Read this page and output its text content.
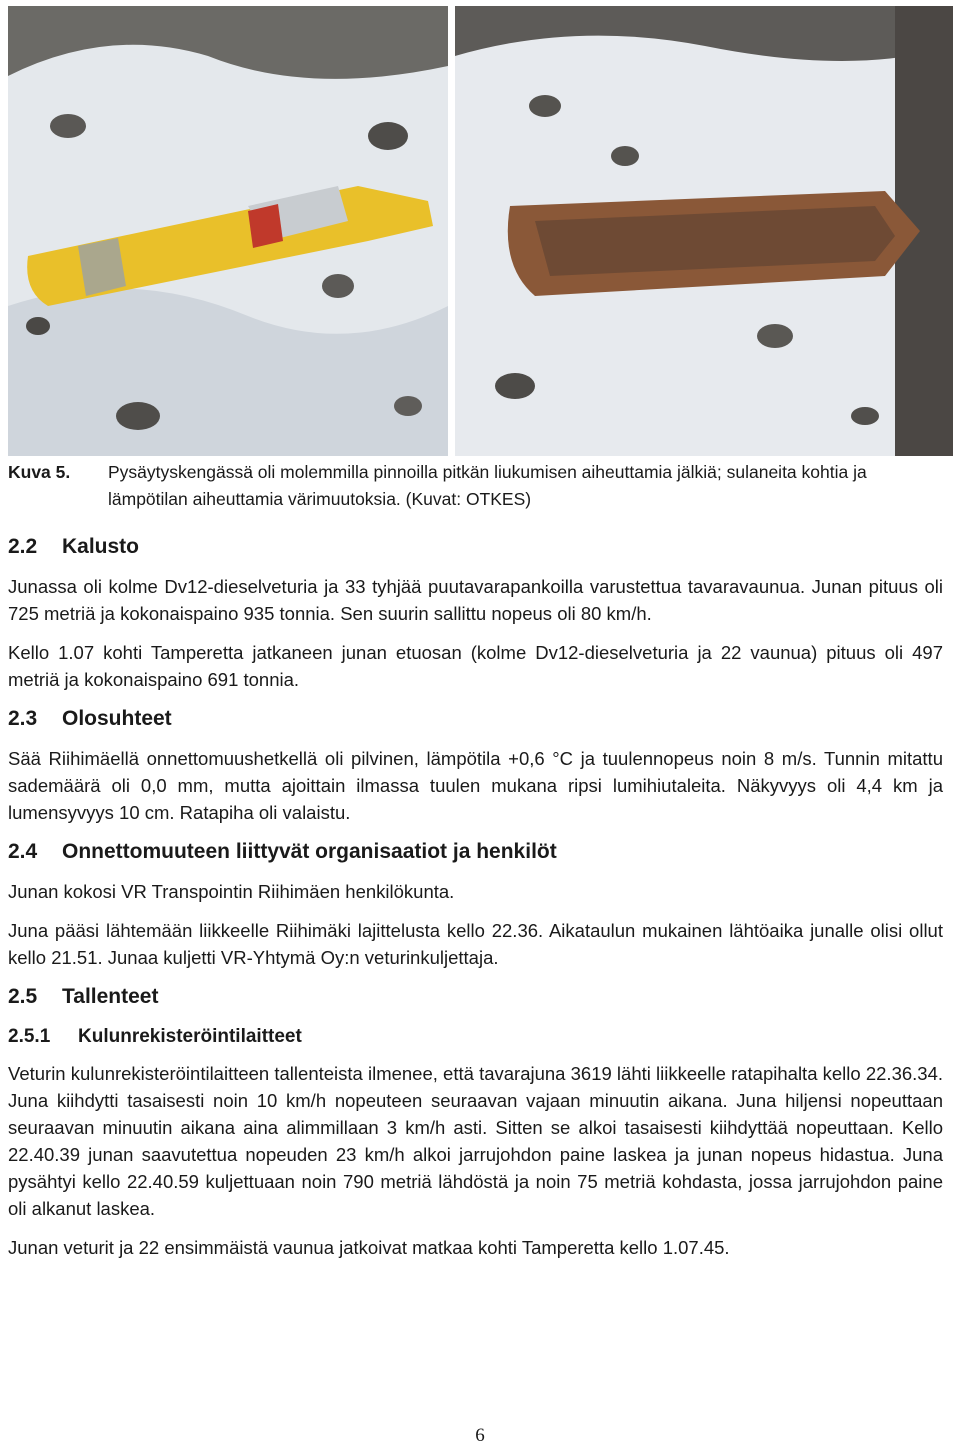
Kuva 5. Pysäytyskengässä oli molemmilla pinnoilla pitkän liukumisen aiheuttamia jälkiä; sulaneita kohtia ja lämpötilan aiheuttamia värimuutoksia. (Kuvat: OTKES)
2.2 Kalusto

Junassa oli kolme Dv12-dieselveturia ja 33 tyhjää puutavarapankoilla varustettua tavaravaunua. Junan pituus oli 725 metriä ja kokonaispaino 935 tonnia. Sen suurin sallittu nopeus oli 80 km/h.

Kello 1.07 kohti Tamperetta jatkaneen junan etuosan (kolme Dv12-dieselveturia ja 22 vaunua) pituus oli 497 metriä ja kokonaispaino 691 tonnia.

2.3 Olosuhteet

Sää Riihimäellä onnettomuushetkellä oli pilvinen, lämpötila +0,6 °C ja tuulennopeus noin 8 m/s. Tunnin mitattu sademäärä oli 0,0 mm, mutta ajoittain ilmassa tuulen mukana ripsi lumihiutaleita. Näkyvyys oli 4,4 km ja lumensyvyys 10 cm. Ratapiha oli valaistu.

2.4 Onnettomuuteen liittyvät organisaatiot ja henkilöt

Junan kokosi VR Transpointin Riihimäen henkilökunta.

Juna pääsi lähtemään liikkeelle Riihimäki lajittelusta kello 22.36. Aikataulun mukainen lähtöaika junalle olisi ollut kello 21.51. Junaa kuljetti VR-Yhtymä Oy:n veturinkuljettaja.

2.5 Tallenteet
2.5.1 Kulunrekisteröintilaitteet

Veturin kulunrekisteröintilaitteen tallenteista ilmenee, että tavarajuna 3619 lähti liikkeelle ratapihalta kello 22.36.34. Juna kiihdytti tasaisesti noin 10 km/h nopeuteen seuraavan vajaan minuutin aikana. Juna hiljensi nopeuttaan seuraavan minuutin aikana aina alimmillaan 3 km/h asti. Sitten se alkoi tasaisesti kiihdyttää nopeuttaan. Kello 22.40.39 junan saavutettua nopeuden 23 km/h alkoi jarrujohdon paine laskea ja junan nopeus hidastua. Juna pysähtyi kello 22.40.59 kuljettuaan noin 790 metriä lähdöstä ja noin 75 metriä kohdasta, jossa jarrujohdon paine oli alkanut laskea.

Junan veturit ja 22 ensimmäistä vaunua jatkoivat matkaa kohti Tamperetta kello 1.07.45.

6
